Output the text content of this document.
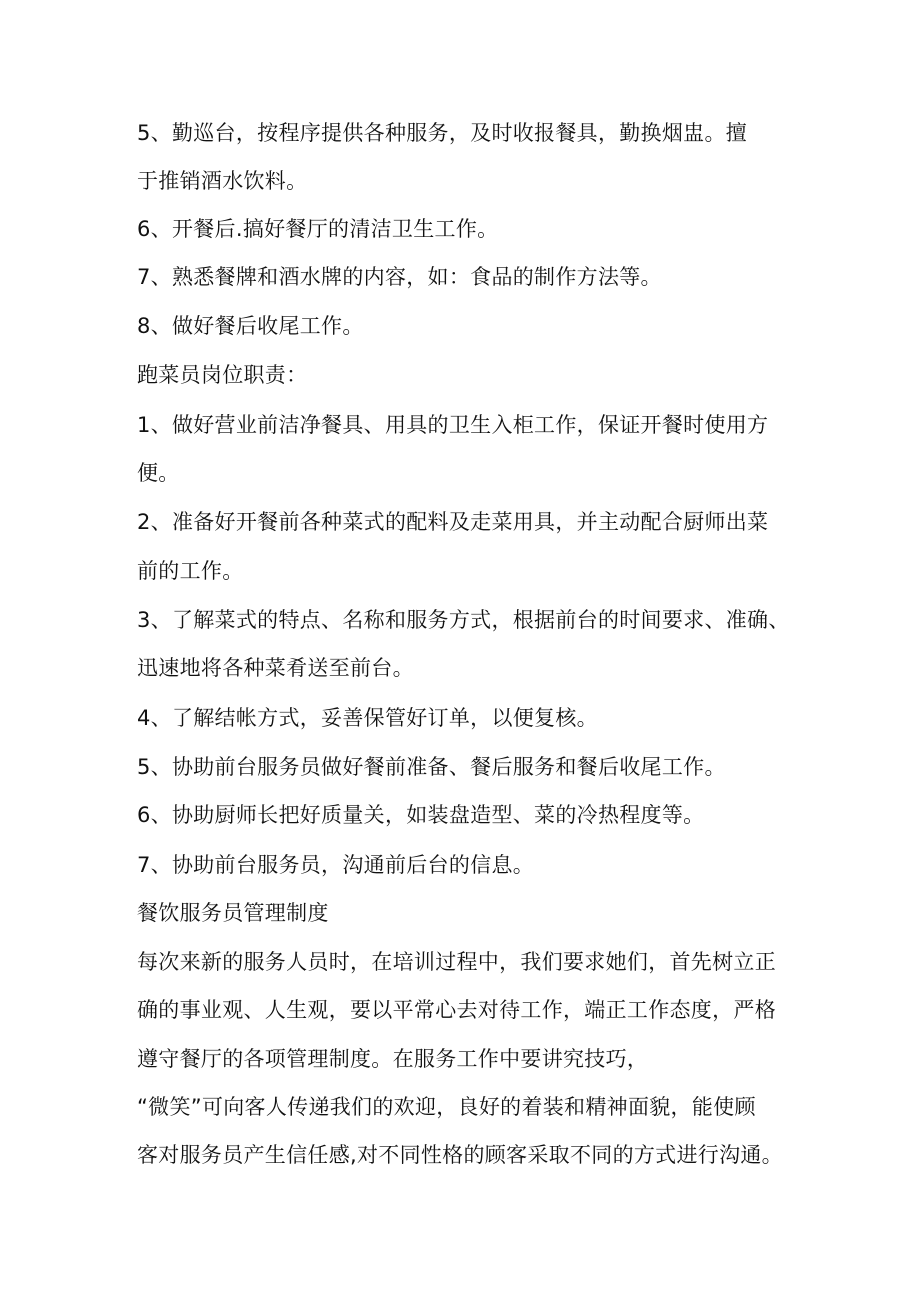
5、勤巡台，按程序提供各种服务，及时收报餐具，勤换烟盅。擅
于推销酒水饮料。
6、开餐后.搞好餐厅的清洁卫生工作。
7、熟悉餐牌和酒水牌的内容，如：食品的制作方法等。
8、做好餐后收尾工作。
跑菜员岗位职责：
1、做好营业前洁净餐具、用具的卫生入柜工作，保证开餐时使用方
便。
2、准备好开餐前各种菜式的配料及走菜用具，并主动配合厨师出菜
前的工作。
3、了解菜式的特点、名称和服务方式，根据前台的时间要求、准确、
迅速地将各种菜肴送至前台。
4、了解结帐方式，妥善保管好订单，以便复核。
5、协助前台服务员做好餐前准备、餐后服务和餐后收尾工作。
6、协助厨师长把好质量关，如装盘造型、菜的冷热程度等。
7、协助前台服务员，沟通前后台的信息。
餐饮服务员管理制度
每次来新的服务人员时，在培训过程中，我们要求她们，首先树立正
确的事业观、人生观，要以平常心去对待工作，端正工作态度，严格
遵守餐厅的各项管理制度。在服务工作中要讲究技巧，
“微笑”可向客人传递我们的欢迎，良好的着装和精神面貌，能使顾
客对服务员产生信任感,对不同性格的顾客采取不同的方式进行沟通。
